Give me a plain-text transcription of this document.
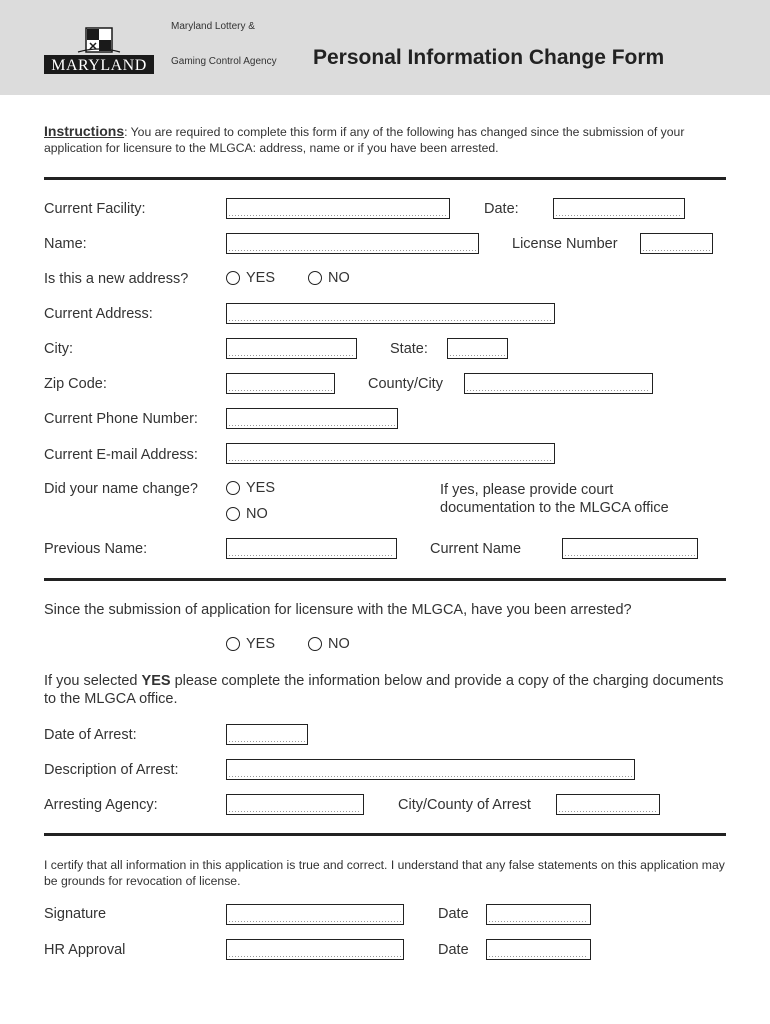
MARYLAND
Maryland Lottery &
Gaming Control Agency Personal Information Change Form
Instructions: You are required to complete this form if any of the following has changed since the submission of your application for licensure to the MLGCA: address, name or if you have been arrested.
Current Facility:	Date:
Name:	License Number
Is this a new address?	YES	NO
Current Address:
City:	State:
Zip Code:	County/City
Current Phone Number:
Current E-mail Address:
Did your name change?	YES
NO
If yes, please provide court documentation to the MLGCA office
Previous Name:	Current Name
Since the submission of application for licensure with the MLGCA, have you been arrested?
YES	NO
If you selected YES please complete the information below and provide a copy of the charging documents to the MLGCA office.
Date of Arrest:
Description of Arrest:
Arresting Agency:	City/County of Arrest
I certify that all information in this application is true and correct. I understand that any false statements on this application may be grounds for revocation of license.
Signature	Date
HR Approval	Date
